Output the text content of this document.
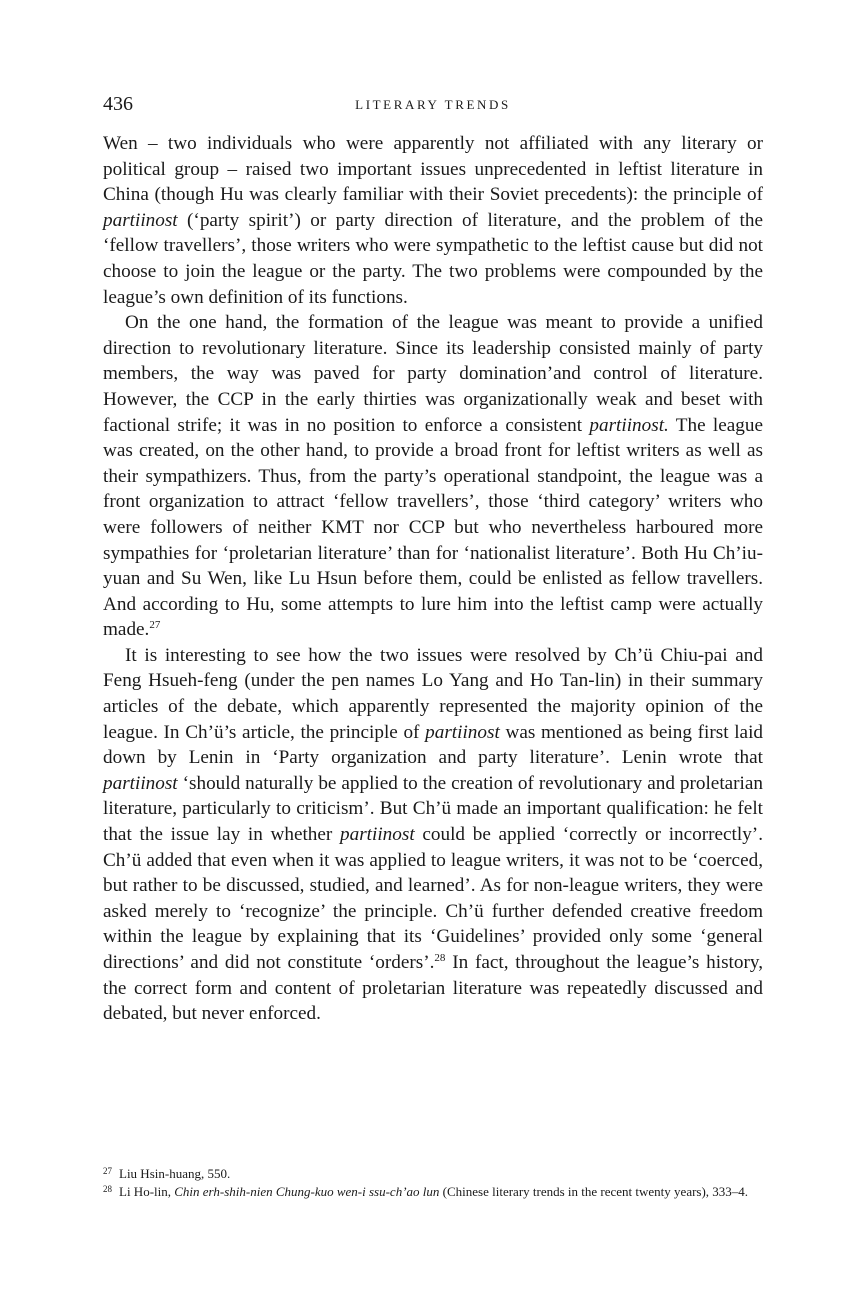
436	LITERARY TRENDS

Wen – two individuals who were apparently not affiliated with any literary or political group – raised two important issues unprecedented in leftist literature in China (though Hu was clearly familiar with their Soviet precedents): the principle of partiinost (‘party spirit’) or party direction of literature, and the problem of the ‘fellow travellers’, those writers who were sympathetic to the leftist cause but did not choose to join the league or the party. The two problems were compounded by the league’s own definition of its functions.

On the one hand, the formation of the league was meant to provide a unified direction to revolutionary literature. Since its leadership consisted mainly of party members, the way was paved for party domination’and control of literature. However, the CCP in the early thirties was organizationally weak and beset with factional strife; it was in no position to enforce a consistent partiinost. The league was created, on the other hand, to provide a broad front for leftist writers as well as their sympathizers. Thus, from the party’s operational standpoint, the league was a front organization to attract ‘fellow travellers’, those ‘third category’ writers who were followers of neither KMT nor CCP but who nevertheless harboured more sympathies for ‘proletarian literature’ than for ‘nationalist literature’. Both Hu Ch’iu-yuan and Su Wen, like Lu Hsun before them, could be enlisted as fellow travellers. And according to Hu, some attempts to lure him into the leftist camp were actually made.$^{27}$

It is interesting to see how the two issues were resolved by Ch’ü Chiu-pai and Feng Hsueh-feng (under the pen names Lo Yang and Ho Tan-lin) in their summary articles of the debate, which apparently represented the majority opinion of the league. In Ch’ü’s article, the principle of partiinost was mentioned as being first laid down by Lenin in ‘Party organization and party literature’. Lenin wrote that partiinost ‘should naturally be applied to the creation of revolutionary and proletarian literature, particularly to criticism’. But Ch’ü made an important qualification: he felt that the issue lay in whether partiinost could be applied ‘correctly or incorrectly’. Ch’ü added that even when it was applied to league writers, it was not to be ‘coerced, but rather to be discussed, studied, and learned’. As for non-league writers, they were asked merely to ‘recognize’ the principle. Ch’ü further defended creative freedom within the league by explaining that its ‘Guidelines’ provided only some ‘general directions’ and did not constitute ‘orders’.$^{28}$ In fact, throughout the league’s history, the correct form and content of proletarian literature was repeatedly discussed and debated, but never enforced.

27 Liu Hsin-huang, 550.
28 Li Ho-lin, Chin erh-shih-nien Chung-kuo wen-i ssu-ch’ao lun (Chinese literary trends in the recent twenty years), 333–4.
